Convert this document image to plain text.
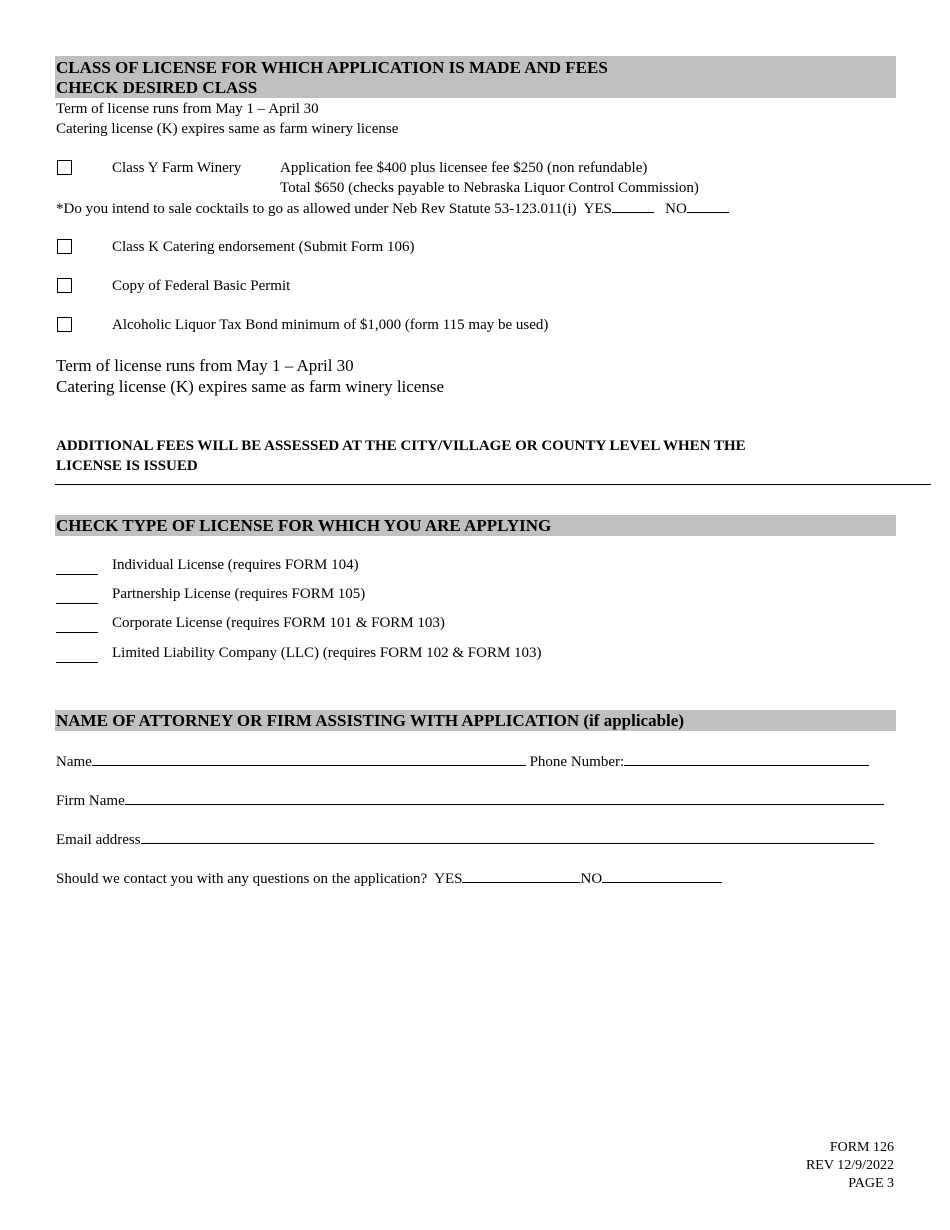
CLASS OF LICENSE FOR WHICH APPLICATION IS MADE AND FEES
CHECK DESIRED CLASS
Term of license runs from May 1 – April 30
Catering license (K) expires same as farm winery license
Class Y Farm Winery	Application fee $400 plus licensee fee $250 (non refundable)
Total $650 (checks payable to Nebraska Liquor Control Commission)
*Do you intend to sale cocktails to go as allowed under Neb Rev Statute 53-123.011(i) YES	NO
Class K Catering endorsement (Submit Form 106)
Copy of Federal Basic Permit
Alcoholic Liquor Tax Bond minimum of $1,000 (form 115 may be used)
Term of license runs from May 1 – April 30
Catering license (K) expires same as farm winery license
ADDITIONAL FEES WILL BE ASSESSED AT THE CITY/VILLAGE OR COUNTY LEVEL WHEN THE
LICENSE IS ISSUED
CHECK TYPE OF LICENSE FOR WHICH YOU ARE APPLYING
Individual License (requires FORM 104)
Partnership License (requires FORM 105)
Corporate License (requires FORM 101 & FORM 103)
Limited Liability Company (LLC) (requires FORM 102 & FORM 103)
NAME OF ATTORNEY OR FIRM ASSISTING WITH APPLICATION (if applicable)
Name	Phone Number:
Firm Name
Email address
Should we contact you with any questions on the application? YES	NO
FORM 126
REV 12/9/2022
PAGE 3
